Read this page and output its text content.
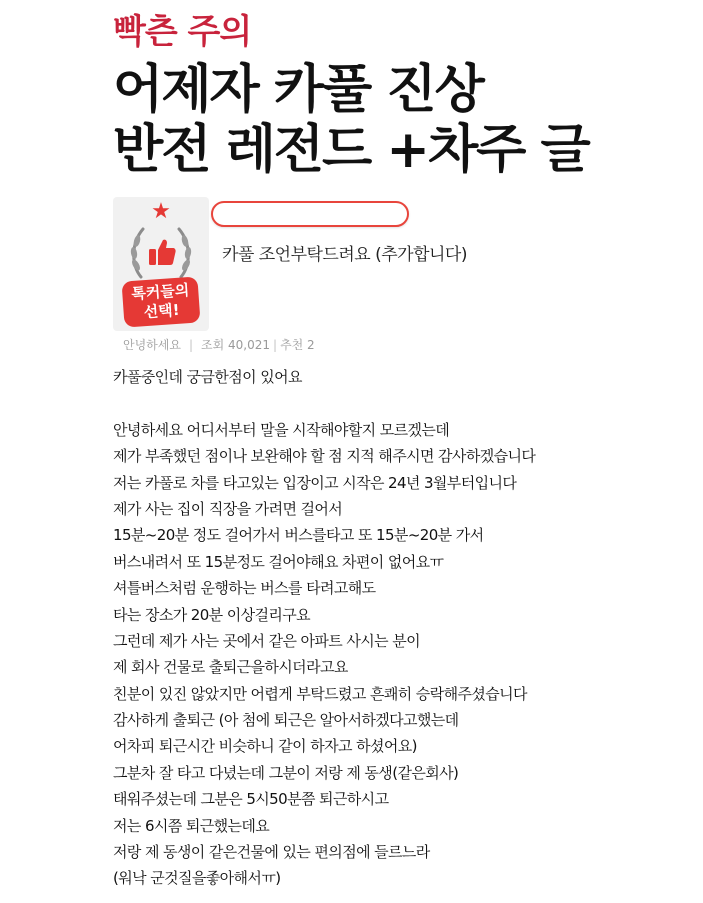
빡츤 주의
어제자 카풀 진상
반전 레전드 +차주 글
★
톡커들의
선택!
카풀 조언부탁드려요 (추가합니다)
안녕하세요 | 조회 40,021 | 추천 2
카풀중인데 궁금한점이 있어요
안녕하세요 어디서부터 말을 시작해야할지 모르겠는데
제가 부족했던 점이나 보완해야 할 점 지적 해주시면 감사하겠습니다
저는 카풀로 차를 타고있는 입장이고 시작은 24년 3월부터입니다
제가 사는 집이 직장을 가려면 걸어서
15분~20분 정도 걸어가서 버스를타고 또 15분~20분 가서
버스내려서 또 15분정도 걸어야해요 차편이 없어요ㅠ
셔틀버스처럼 운행하는 버스를 타려고해도
타는 장소가 20분 이상걸리구요
그런데 제가 사는 곳에서 같은 아파트 사시는 분이
제 회사 건물로 출퇴근을하시더라고요
친분이 있진 않았지만 어렵게 부탁드렸고 흔쾌히 승락해주셨습니다
감사하게 출퇴근 (아 첨에 퇴근은 알아서하겠다고했는데
어차피 퇴근시간 비슷하니 같이 하자고 하셨어요)
그분차 잘 타고 다녔는데 그분이 저랑 제 동생(같은회사)
태워주셨는데 그분은 5시50분쯤 퇴근하시고
저는 6시쯤 퇴근했는데요
저랑 제 동생이 같은건물에 있는 편의점에 들르느라
(워낙 군것질을좋아해서ㅠ)
